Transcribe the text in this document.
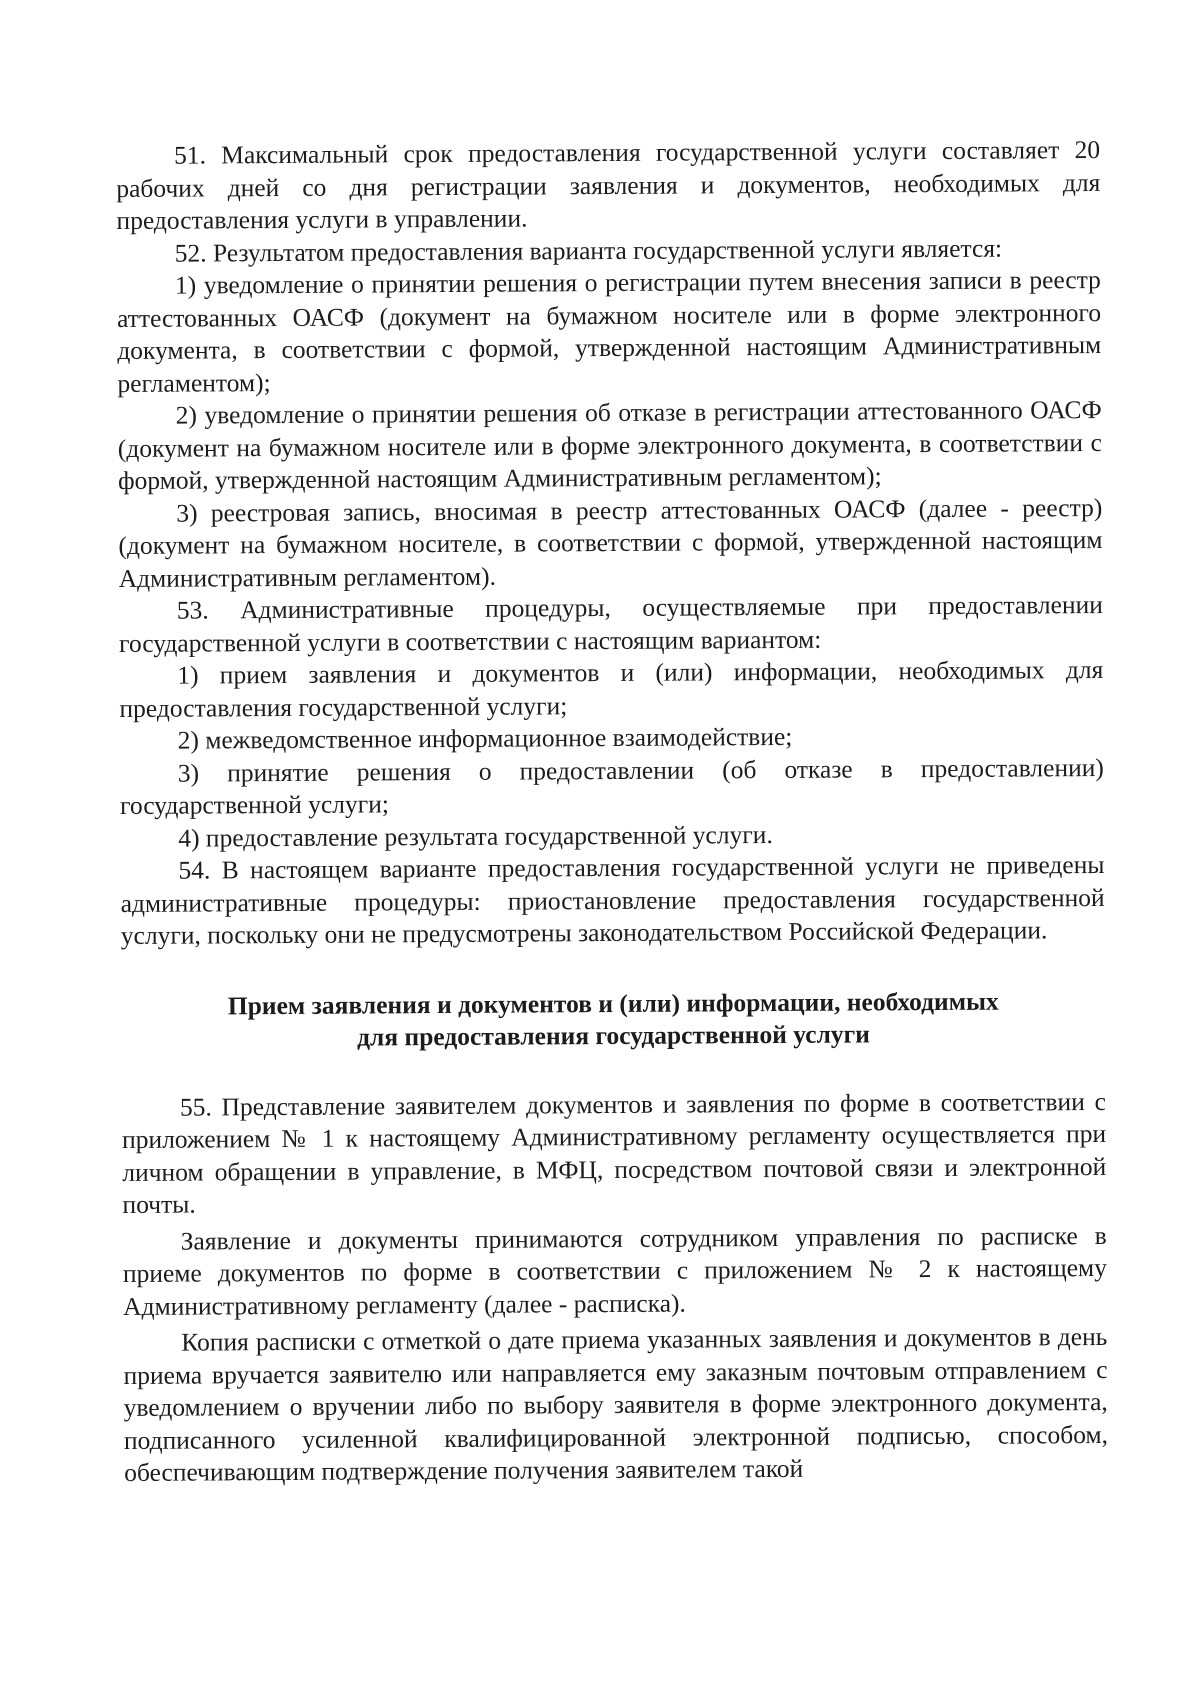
51. Максимальный срок предоставления государственной услуги составляет 20 рабочих дней со дня регистрации заявления и документов, необходимых для предоставления услуги в управлении.

52. Результатом предоставления варианта государственной услуги является:

1) уведомление о принятии решения о регистрации путем внесения записи в реестр аттестованных ОАСФ (документ на бумажном носителе или в форме электронного документа, в соответствии с формой, утвержденной настоящим Административным регламентом);

2) уведомление о принятии решения об отказе в регистрации аттестованного ОАСФ (документ на бумажном носителе или в форме электронного документа, в соответствии с формой, утвержденной настоящим Административным регламентом);

3) реестровая запись, вносимая в реестр аттестованных ОАСФ (далее - реестр) (документ на бумажном носителе, в соответствии с формой, утвержденной настоящим Административным регламентом).

53. Административные процедуры, осуществляемые при предоставлении государственной услуги в соответствии с настоящим вариантом:

1) прием заявления и документов и (или) информации, необходимых для предоставления государственной услуги;

2) межведомственное информационное взаимодействие;

3) принятие решения о предоставлении (об отказе в предоставлении) государственной услуги;

4) предоставление результата государственной услуги.

54. В настоящем варианте предоставления государственной услуги не приведены административные процедуры: приостановление предоставления государственной услуги, поскольку они не предусмотрены законодательством Российской Федерации.

Прием заявления и документов и (или) информации, необходимых
для предоставления государственной услуги

55. Представление заявителем документов и заявления по форме в соответствии с приложением № 1 к настоящему Административному регламенту осуществляется при личном обращении в управление, в МФЦ, посредством почтовой связи и электронной почты.

Заявление и документы принимаются сотрудником управления по расписке в приеме документов по форме в соответствии с приложением № 2 к настоящему Административному регламенту (далее - расписка).

Копия расписки с отметкой о дате приема указанных заявления и документов в день приема вручается заявителю или направляется ему заказным почтовым отправлением с уведомлением о вручении либо по выбору заявителя в форме электронного документа, подписанного усиленной квалифицированной электронной подписью, способом, обеспечивающим подтверждение получения заявителем такой
